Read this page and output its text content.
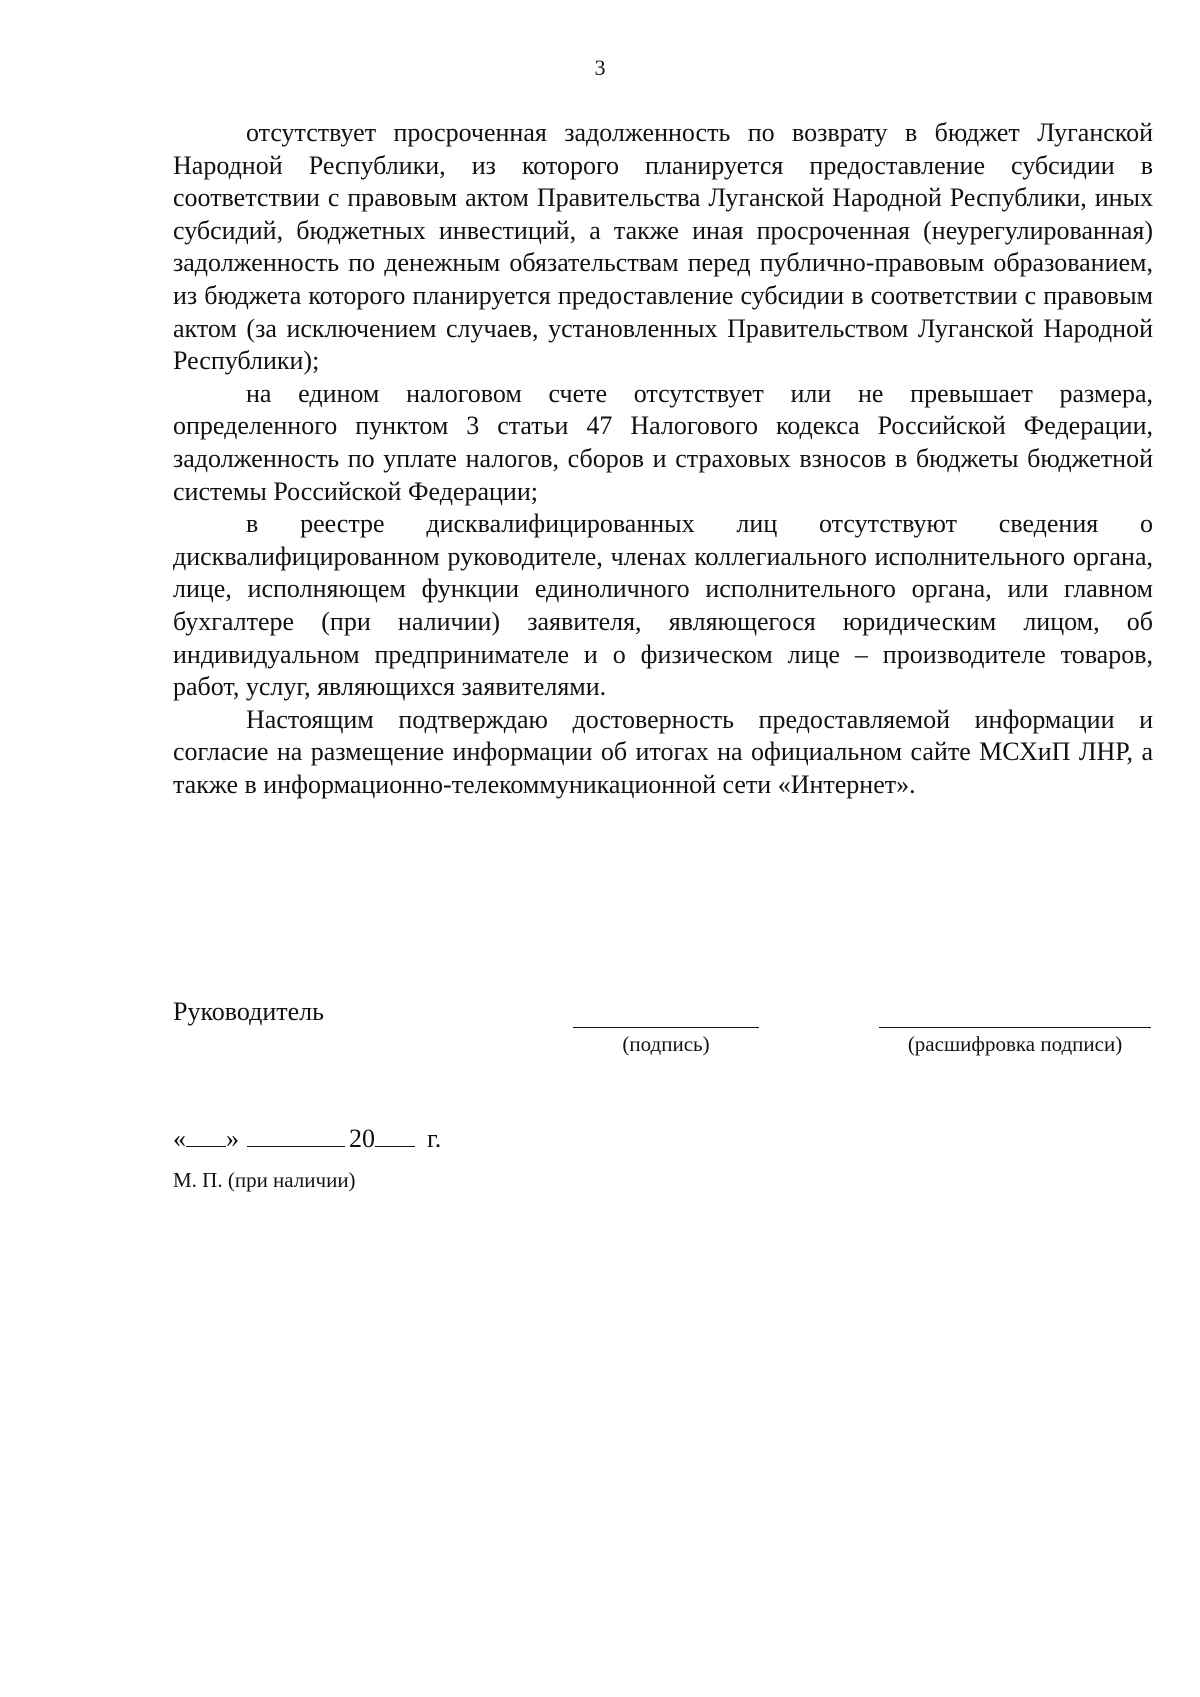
3

отсутствует просроченная задолженность по возврату в бюджет Луганской Народной Республики, из которого планируется предоставление субсидии в соответствии с правовым актом Правительства Луганской Народной Республики, иных субсидий, бюджетных инвестиций, а также иная просроченная (неурегулированная) задолженность по денежным обязательствам перед публично-правовым образованием, из бюджета которого планируется предоставление субсидии в соответствии с правовым актом (за исключением случаев, установленных Правительством Луганской Народной Республики);

на едином налоговом счете отсутствует или не превышает размера, определенного пунктом 3 статьи 47 Налогового кодекса Российской Федерации, задолженность по уплате налогов, сборов и страховых взносов в бюджеты бюджетной системы Российской Федерации;

в реестре дисквалифицированных лиц отсутствуют сведения о дисквалифицированном руководителе, членах коллегиального исполнительного органа, лице, исполняющем функции единоличного исполнительного органа, или главном бухгалтере (при наличии) заявителя, являющегося юридическим лицом, об индивидуальном предпринимателе и о физическом лице – производителе товаров, работ, услуг, являющихся заявителями.

Настоящим подтверждаю достоверность предоставляемой информации и согласие на размещение информации об итогах на официальном сайте МСХиП ЛНР, а также в информационно-телекоммуникационной сети «Интернет».

Руководитель
(подпись)	(расшифровка подписи)
« »	20 г.
М. П. (при наличии)
